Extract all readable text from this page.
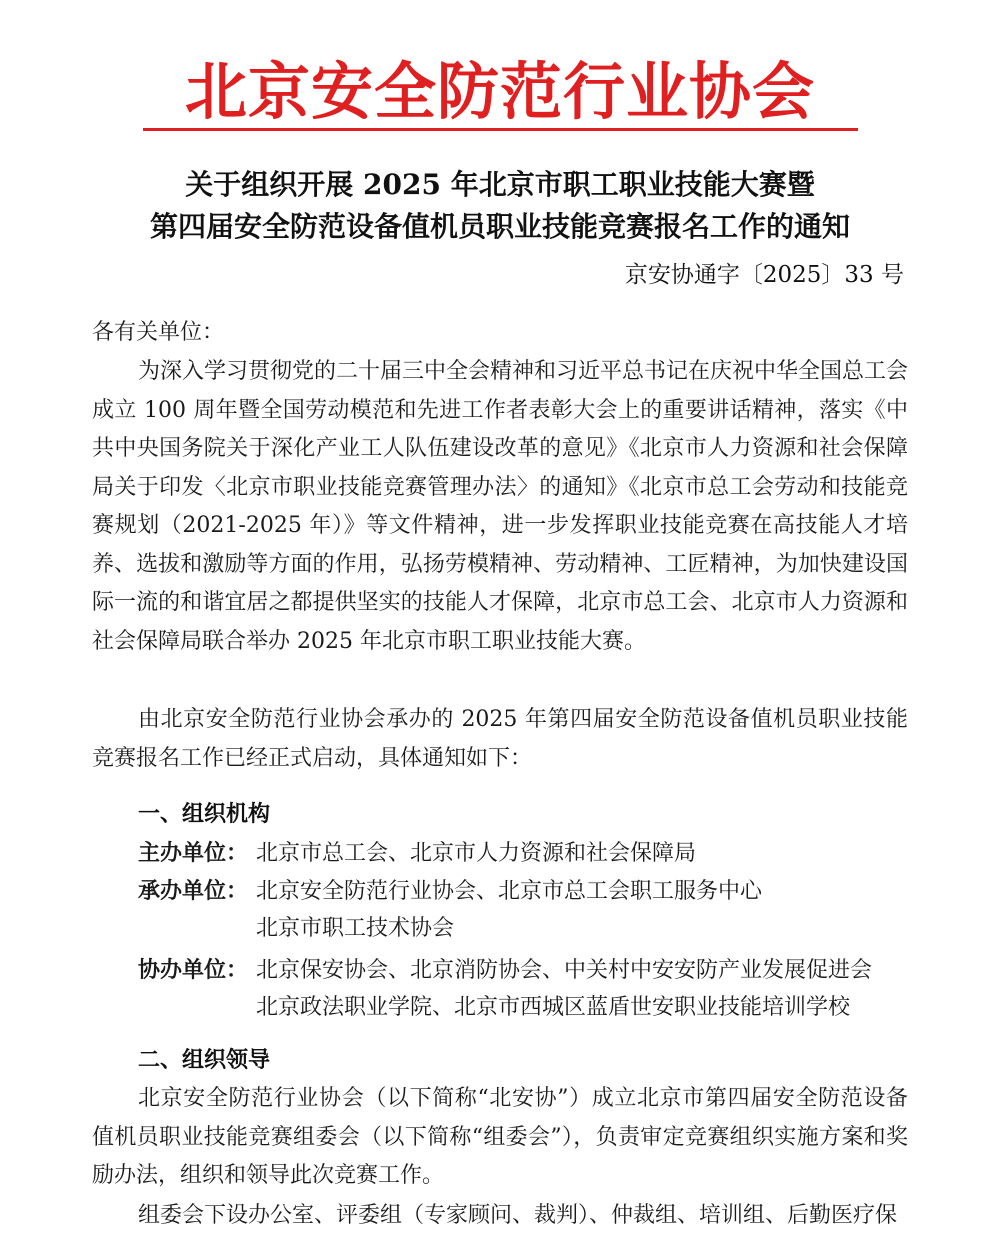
北京安全防范行业协会
关于组织开展 2025 年北京市职工职业技能大赛暨
第四届安全防范设备值机员职业技能竞赛报名工作的通知
京安协通字〔2025〕33 号
各有关单位：
为深入学习贯彻党的二十届三中全会精神和习近平总书记在庆祝中华全国总工会成立 100 周年暨全国劳动模范和先进工作者表彰大会上的重要讲话精神，落实《中共中央国务院关于深化产业工人队伍建设改革的意见》《北京市人力资源和社会保障局关于印发〈北京市职业技能竞赛管理办法〉的通知》《北京市总工会劳动和技能竞赛规划（2021-2025 年）》等文件精神，进一步发挥职业技能竞赛在高技能人才培养、选拔和激励等方面的作用，弘扬劳模精神、劳动精神、工匠精神，为加快建设国际一流的和谐宜居之都提供坚实的技能人才保障，北京市总工会、北京市人力资源和社会保障局联合举办 2025 年北京市职工职业技能大赛。
由北京安全防范行业协会承办的 2025 年第四届安全防范设备值机员职业技能竞赛报名工作已经正式启动，具体通知如下：
一、组织机构
主办单位： 北京市总工会、北京市人力资源和社会保障局
承办单位： 北京安全防范行业协会、北京市总工会职工服务中心
北京市职工技术协会
协办单位： 北京保安协会、北京消防协会、中关村中安安防产业发展促进会
北京政法职业学院、北京市西城区蓝盾世安职业技能培训学校
二、组织领导
北京安全防范行业协会（以下简称“北安协”）成立北京市第四届安全防范设备值机员职业技能竞赛组委会（以下简称“组委会”），负责审定竞赛组织实施方案和奖励办法，组织和领导此次竞赛工作。
组委会下设办公室、评委组（专家顾问、裁判）、仲裁组、培训组、后勤医疗保
